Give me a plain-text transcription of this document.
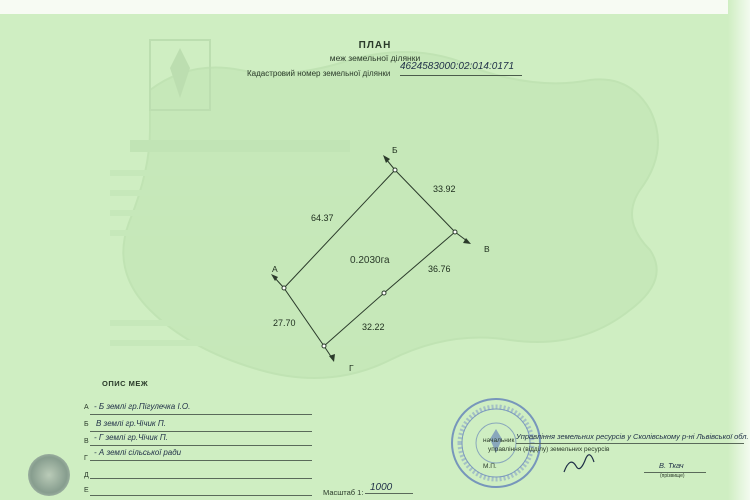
ПЛАН
меж земельної ділянки
Кадастровий номер земельної ділянки
4624583000:02:014:0171
А
Б
В
Г
64.37
33.92
36.76
32.22
27.70
0.2030га
ОПИС МЕЖ
А - Б землі гр.Пігулечка І.О.
Б В землі гр.Чічик П.
В - Г землі гр.Чічик П.
Г
- А землі сільської ради
Д
Е
начальник Управління земельних ресурсів у Сколівському р-ні Львівської обл.
управління (відділу) земельних ресурсів
М.П.	В. Ткач
(прізвище)
Масштаб 1: 1000
